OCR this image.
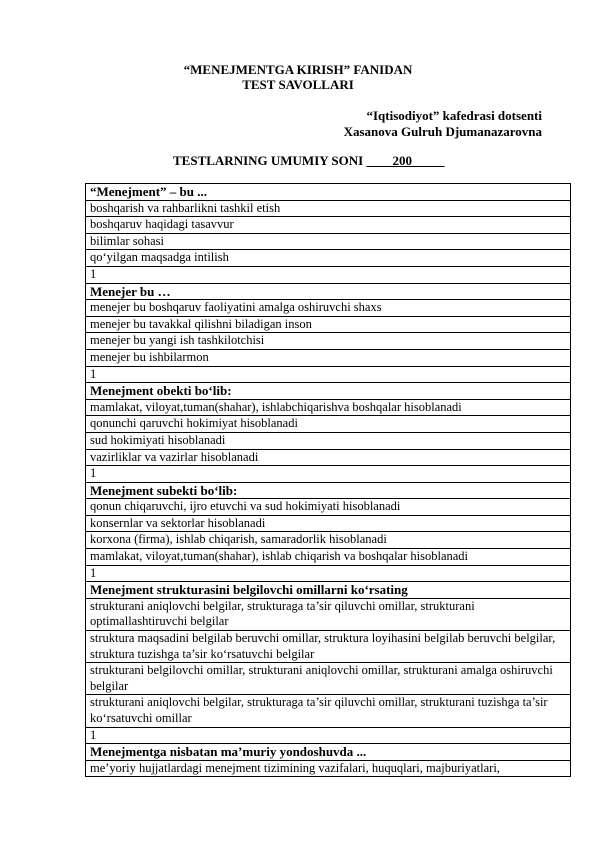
“MENEJMENTGA KIRISH” FANIDAN
TEST SAVOLLARI
“Iqtisodiyot” kafedrasi dotsenti
Xasanova Gulruh Djumanazarovna
TESTLARNING UMUMIY SONI ____200_____
“Menejment” – bu ...
boshqarish va rahbarlikni tashkil etish
boshqaruv haqidagi tasavvur
bilimlar sohasi
qo‘yilgan maqsadga intilish
1
Menejer bu …
menejer bu boshqaruv faoliyatini amalga oshiruvchi shaxs
menejer bu tavakkal qilishni biladigan inson
menejer bu yangi ish tashkilotchisi
menejer bu ishbilarmon
1
Menejment obekti bo‘lib:
mamlakat, viloyat,tuman(shahar), ishlabchiqarishva boshqalar hisoblanadi
qonunchi qaruvchi hokimiyat hisoblanadi
sud hokimiyati hisoblanadi
vazirliklar va vazirlar hisoblanadi
1
Menejment subekti bo‘lib:
qonun chiqaruvchi, ijro etuvchi va sud hokimiyati hisoblanadi
konsernlar va sektorlar hisoblanadi
korxona (firma), ishlab chiqarish, samaradorlik hisoblanadi
mamlakat, viloyat,tuman(shahar), ishlab chiqarish va boshqalar hisoblanadi
1
Menejment strukturasini belgilovchi omillarni ko‘rsating
strukturani aniqlovchi belgilar, strukturaga ta’sir qiluvchi omillar, strukturani optimallashtiruvchi belgilar
struktura maqsadini belgilab beruvchi omillar, struktura loyihasini belgilab beruvchi belgilar, struktura tuzishga ta’sir ko‘rsatuvchi belgilar
strukturani belgilovchi omillar, strukturani aniqlovchi omillar, strukturani amalga oshiruvchi belgilar
strukturani aniqlovchi belgilar, strukturaga ta’sir qiluvchi omillar, strukturani tuzishga ta’sir ko‘rsatuvchi omillar
1
Menejmentga nisbatan ma’muriy yondoshuvda ...
me’yoriy hujjatlardagi menejment tizimining vazifalari, huquqlari, majburiyatlari,
